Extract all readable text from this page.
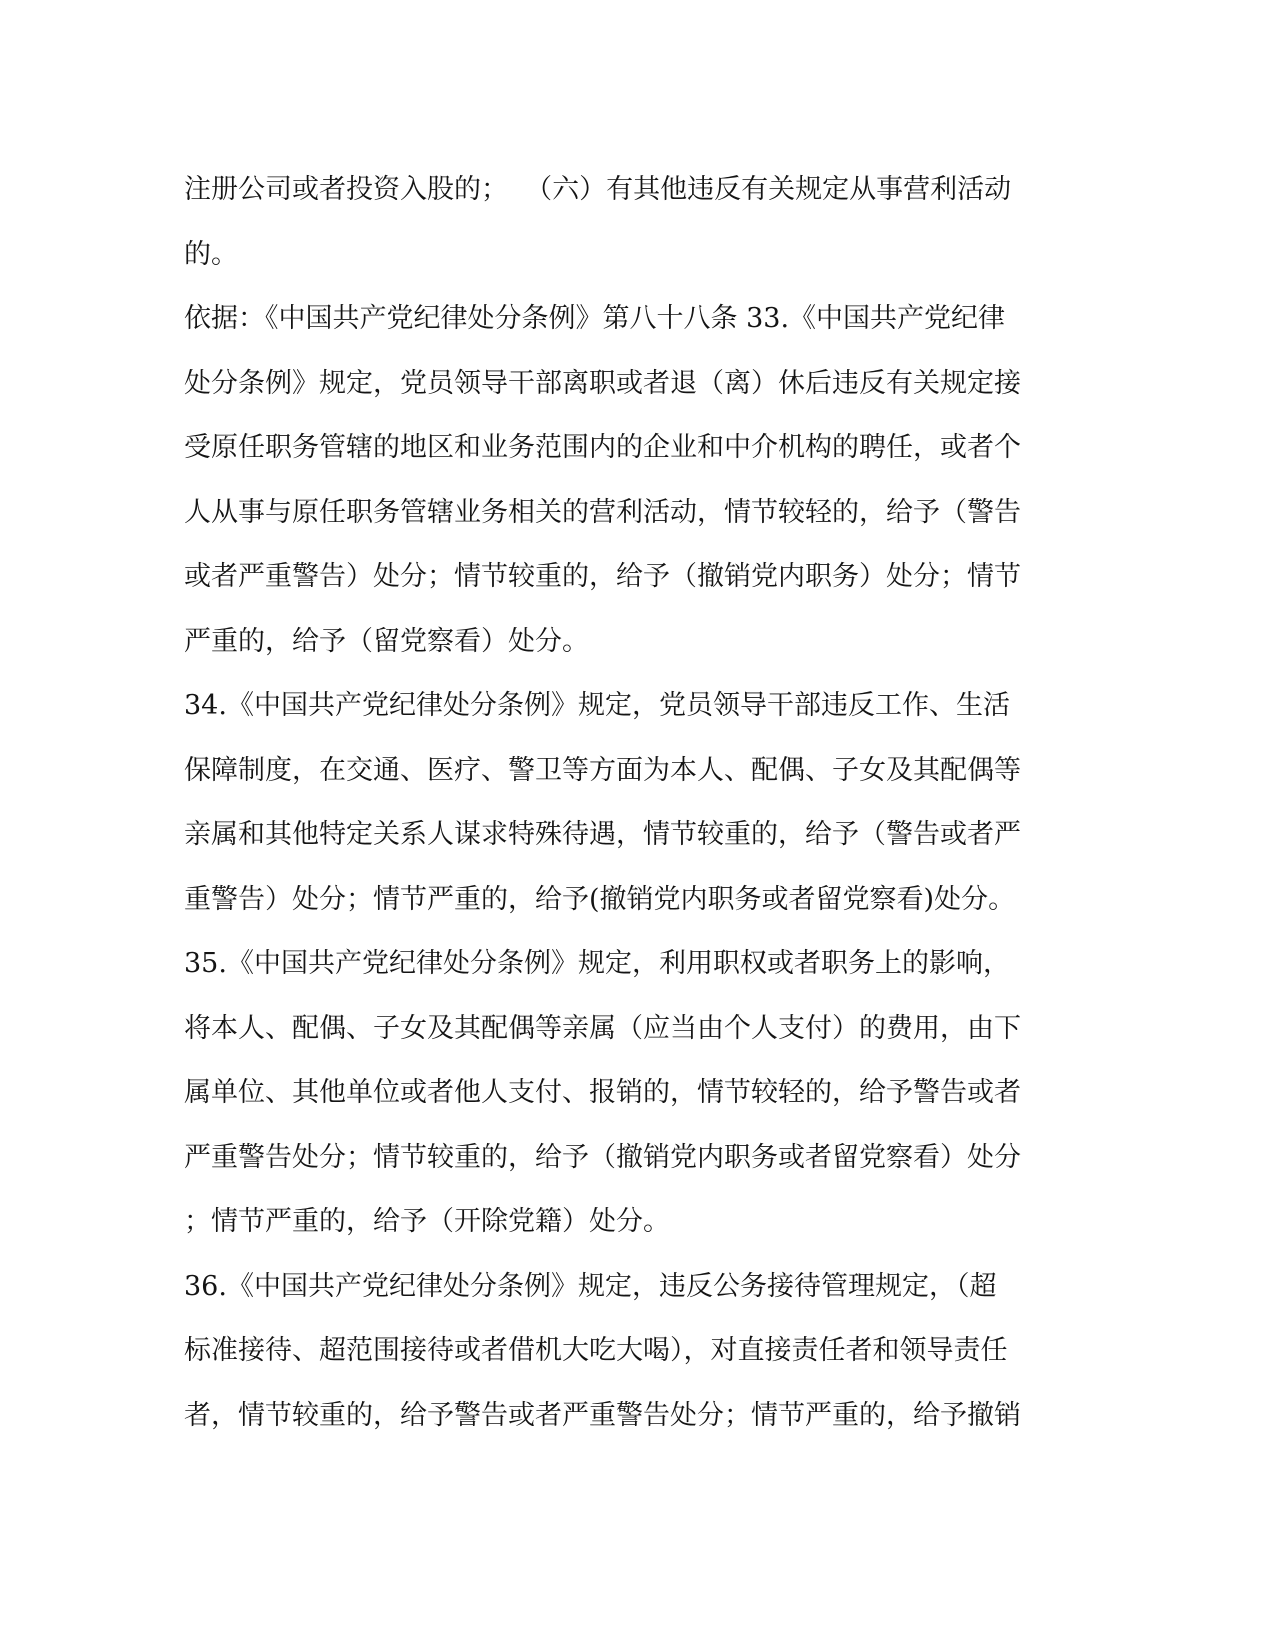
注册公司或者投资入股的；  （六）有其他违反有关规定从事营利活动
的。
依据：《中国共产党纪律处分条例》第八十八条 33.《中国共产党纪律
处分条例》规定，党员领导干部离职或者退（离）休后违反有关规定接
受原任职务管辖的地区和业务范围内的企业和中介机构的聘任，或者个
人从事与原任职务管辖业务相关的营利活动，情节较轻的，给予（警告
或者严重警告）处分；情节较重的，给予（撤销党内职务）处分；情节
严重的，给予（留党察看）处分。
34.《中国共产党纪律处分条例》规定，党员领导干部违反工作、生活
保障制度，在交通、医疗、警卫等方面为本人、配偶、子女及其配偶等
亲属和其他特定关系人谋求特殊待遇，情节较重的，给予（警告或者严
重警告）处分；情节严重的，给予(撤销党内职务或者留党察看)处分。
35.《中国共产党纪律处分条例》规定，利用职权或者职务上的影响，
将本人、配偶、子女及其配偶等亲属（应当由个人支付）的费用，由下
属单位、其他单位或者他人支付、报销的，情节较轻的，给予警告或者
严重警告处分；情节较重的，给予（撤销党内职务或者留党察看）处分
；情节严重的，给予（开除党籍）处分。
36.《中国共产党纪律处分条例》规定，违反公务接待管理规定，（超
标准接待、超范围接待或者借机大吃大喝），对直接责任者和领导责任
者，情节较重的，给予警告或者严重警告处分；情节严重的，给予撤销
